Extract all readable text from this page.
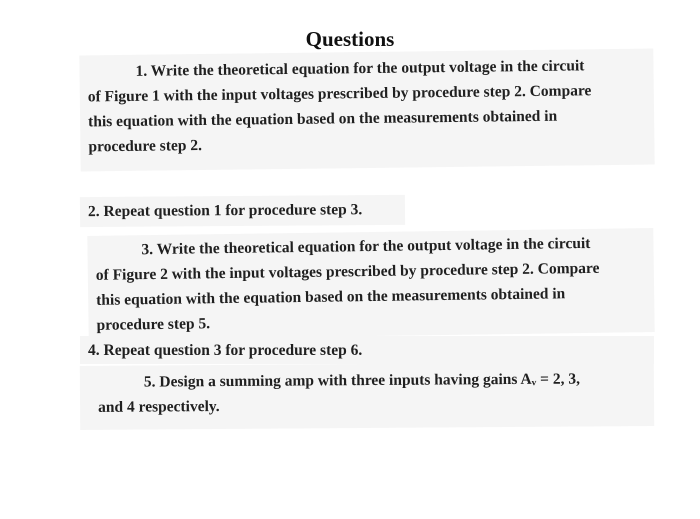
Questions
1. Write the theoretical equation for the output voltage in the circuit
of Figure 1 with the input voltages prescribed by procedure step 2. Compare
this equation with the equation based on the measurements obtained in
procedure step 2.
2. Repeat question 1 for procedure step 3.
3. Write the theoretical equation for the output voltage in the circuit
of Figure 2 with the input voltages prescribed by procedure step 2. Compare
this equation with the equation based on the measurements obtained in
procedure step 5.
4. Repeat question 3 for procedure step 6.
5. Design a summing amp with three inputs having gains Aᵥ = 2, 3,
and 4 respectively.
